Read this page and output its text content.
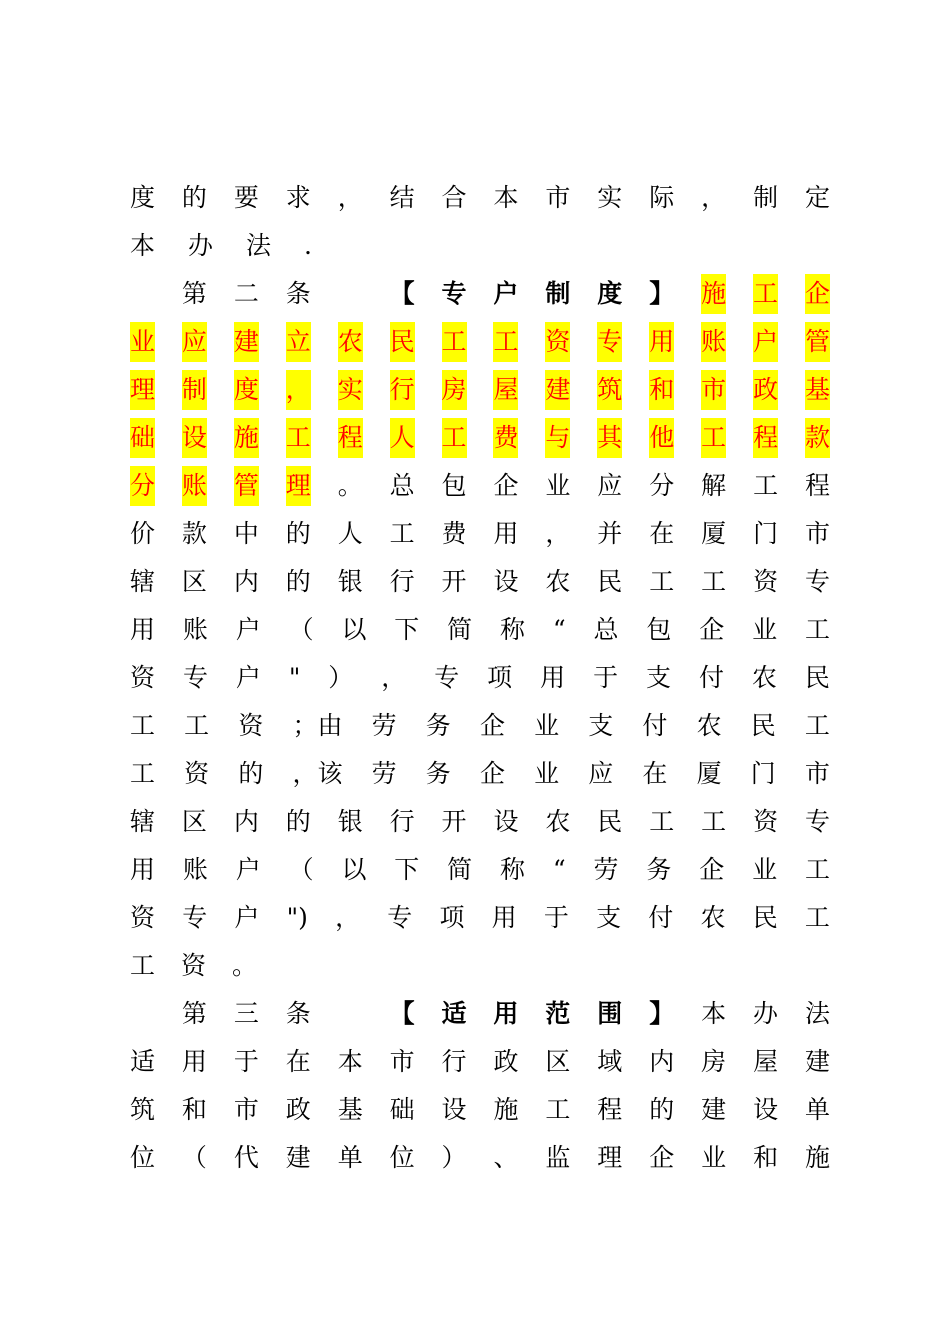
度 的 要 求 ， 结 合 本 市 实 际 ， 制 定
本 办 法 .
第 二 条	【 专 户 制 度 】 施 工 企
业 应 建 立 农 民 工 工 资 专 用 账 户 管
理 制 度 ， 实 行 房 屋 建 筑 和 市 政 基
础 设 施 工 程 人 工 费 与 其 他 工 程 款
分 账 管 理 。 总 包 企 业 应 分 解 工 程
价 款 中 的 人 工 费 用 ， 并 在 厦 门 市
辖 区 内 的 银 行 开 设 农 民 工 工 资 专
用 账 户 （ 以 下 简 称 “ 总 包 企 业 工
资 专 户 " ） ， 专 项 用 于 支 付 农 民
工 工 资 ；由 劳 务 企 业 支 付 农 民 工
工 资 的 ，该 劳 务 企 业 应 在 厦 门 市
辖 区 内 的 银 行 开 设 农 民 工 工 资 专
用 账 户 （ 以 下 简 称 “ 劳 务 企 业 工
资 专 户 ") ， 专 项 用 于 支 付 农 民 工
工 资 。
第 三 条	【 适 用 范 围 】 本 办 法
适 用 于 在 本 市 行 政 区 域 内 房 屋 建
筑 和 市 政 基 础 设 施 工 程 的 建 设 单
位 （ 代 建 单 位 ） 、 监 理 企 业 和 施
